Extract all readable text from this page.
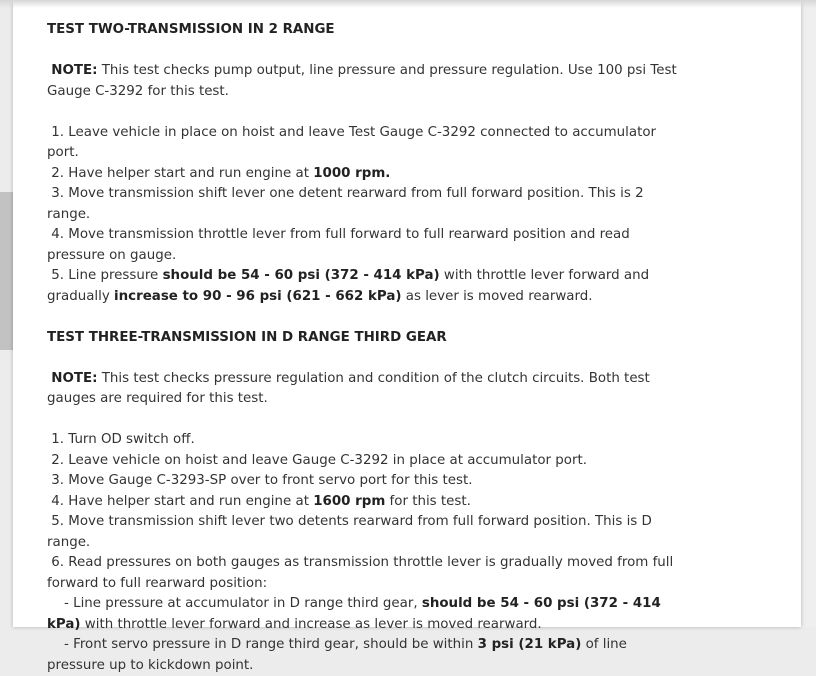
TEST TWO-TRANSMISSION IN 2 RANGE

NOTE: This test checks pump output, line pressure and pressure regulation. Use 100 psi Test Gauge C-3292 for this test.

1. Leave vehicle in place on hoist and leave Test Gauge C-3292 connected to accumulator port.

2. Have helper start and run engine at 1000 rpm.

3. Move transmission shift lever one detent rearward from full forward position. This is 2 range.

4. Move transmission throttle lever from full forward to full rearward position and read pressure on gauge.

5. Line pressure should be 54 - 60 psi (372 - 414 kPa) with throttle lever forward and gradually increase to 90 - 96 psi (621 - 662 kPa) as lever is moved rearward.

TEST THREE-TRANSMISSION IN D RANGE THIRD GEAR

NOTE: This test checks pressure regulation and condition of the clutch circuits. Both test gauges are required for this test.

1. Turn OD switch off.

2. Leave vehicle on hoist and leave Gauge C-3292 in place at accumulator port.

3. Move Gauge C-3293-SP over to front servo port for this test.

4. Have helper start and run engine at 1600 rpm for this test.

5. Move transmission shift lever two detents rearward from full forward position. This is D range.

6. Read pressures on both gauges as transmission throttle lever is gradually moved from full forward to full rearward position:

- Line pressure at accumulator in D range third gear, should be 54 - 60 psi (372 - 414 kPa) with throttle lever forward and increase as lever is moved rearward.

- Front servo pressure in D range third gear, should be within 3 psi (21 kPa) of line pressure up to kickdown point.
